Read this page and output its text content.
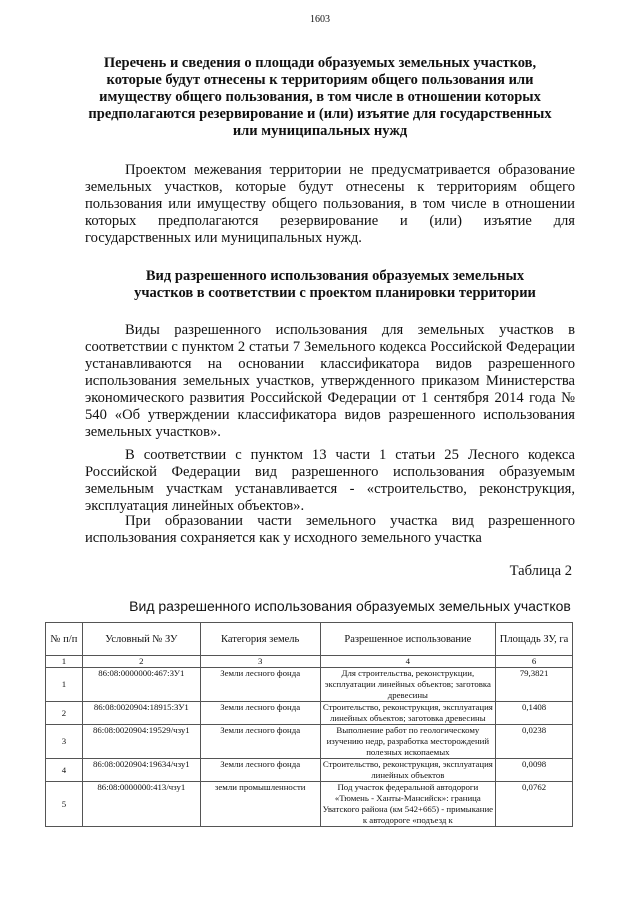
1603
Перечень и сведения о площади образуемых земельных участков,
которые будут отнесены к территориям общего пользования или
имуществу общего пользования, в том числе в отношении которых
предполагаются резервирование и (или) изъятие для государственных
или муниципальных нужд
Проектом межевания территории не предусматривается образование земельных участков, которые будут отнесены к территориям общего пользования или имуществу общего пользования, в том числе в отношении которых предполагаются резервирование и (или) изъятие для государственных или муниципальных нужд.
Вид разрешенного использования образуемых земельных
участков в соответствии с проектом планировки территории
Виды разрешенного использования для земельных участков в соответствии с пунктом 2 статьи 7 Земельного кодекса Российской Федерации устанавливаются на основании классификатора видов разрешенного использования земельных участков, утвержденного приказом Министерства экономического развития Российской Федерации от 1 сентября 2014 года № 540 «Об утверждении классификатора видов разрешенного использования земельных участков».
В соответствии с пунктом 13 части 1 статьи 25 Лесного кодекса Российской Федерации вид разрешенного использования образуемым земельным участкам устанавливается - «строительство, реконструкция, эксплуатация линейных объектов».
При образовании части земельного участка вид разрешенного использования сохраняется как у исходного земельного участка
Таблица 2
Вид разрешенного использования образуемых земельных участков
№ п/п	Условный № ЗУ	Категория земель	Разрешенное использование	Площадь ЗУ, га
1	2	3	4	6
1	86:08:0000000:467:ЗУ1	Земли лесного фонда	Для строительства, реконструкции, эксплуатации линейных объектов; заготовка древесины	79,3821
2	86:08:0020904:18915:ЗУ1	Земли лесного фонда	Строительство, реконструкция, эксплуатация линейных объектов; заготовка древесины	0,1408
3	86:08:0020904:19529/чзу1	Земли лесного фонда	Выполнение работ по геологическому изучению недр, разработка месторождений полезных ископаемых	0,0238
4	86:08:0020904:19634/чзу1	Земли лесного фонда	Строительство, реконструкция, эксплуатация линейных объектов	0,0098
5	86:08:0000000:413/чзу1	земли промышленности	Под участок федеральной автодороги «Тюмень - Ханты-Мансийск»: граница Уватского района (км 542+665) - примыкание к автодороге «подъезд к	0,0762
